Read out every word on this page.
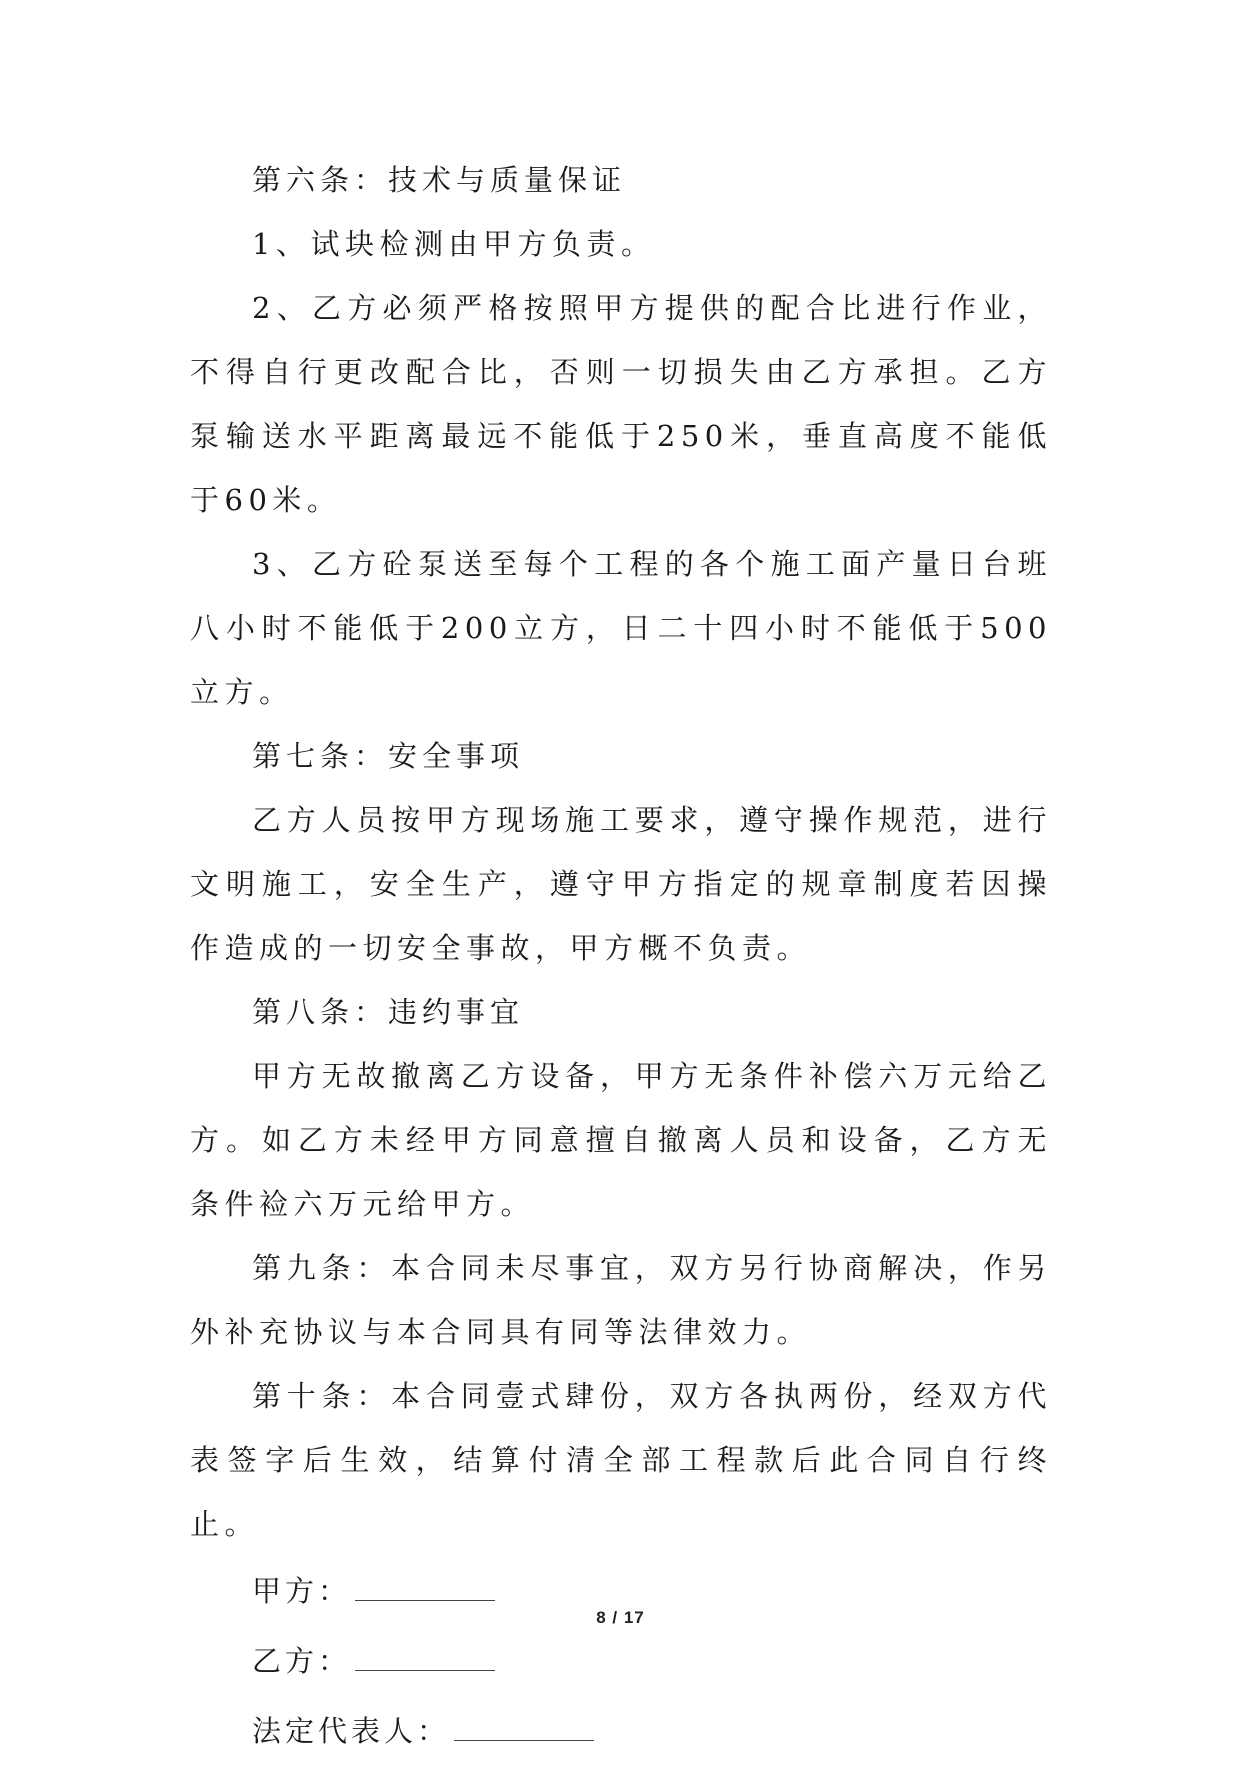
第六条：技术与质量保证

1、试块检测由甲方负责。

2、乙方必须严格按照甲方提供的配合比进行作业，不得自行更改配合比，否则一切损失由乙方承担。乙方泵输送水平距离最远不能低于250米，垂直高度不能低于60米。

3、乙方砼泵送至每个工程的各个施工面产量日台班八小时不能低于200立方，日二十四小时不能低于500立方。

第七条：安全事项

乙方人员按甲方现场施工要求，遵守操作规范，进行文明施工，安全生产，遵守甲方指定的规章制度若因操作造成的一切安全事故，甲方概不负责。

第八条：违约事宜

甲方无故撤离乙方设备，甲方无条件补偿六万元给乙方。如乙方未经甲方同意擅自撤离人员和设备，乙方无条件裣六万元给甲方。

第九条：本合同未尽事宜，双方另行协商解决，作另外补充协议与本合同具有同等法律效力。

第十条：本合同壹式肆份，双方各执两份，经双方代表签字后生效，结算付清全部工程款后此合同自行终止。

甲方：

乙方：

法定代表人：

8 / 17
